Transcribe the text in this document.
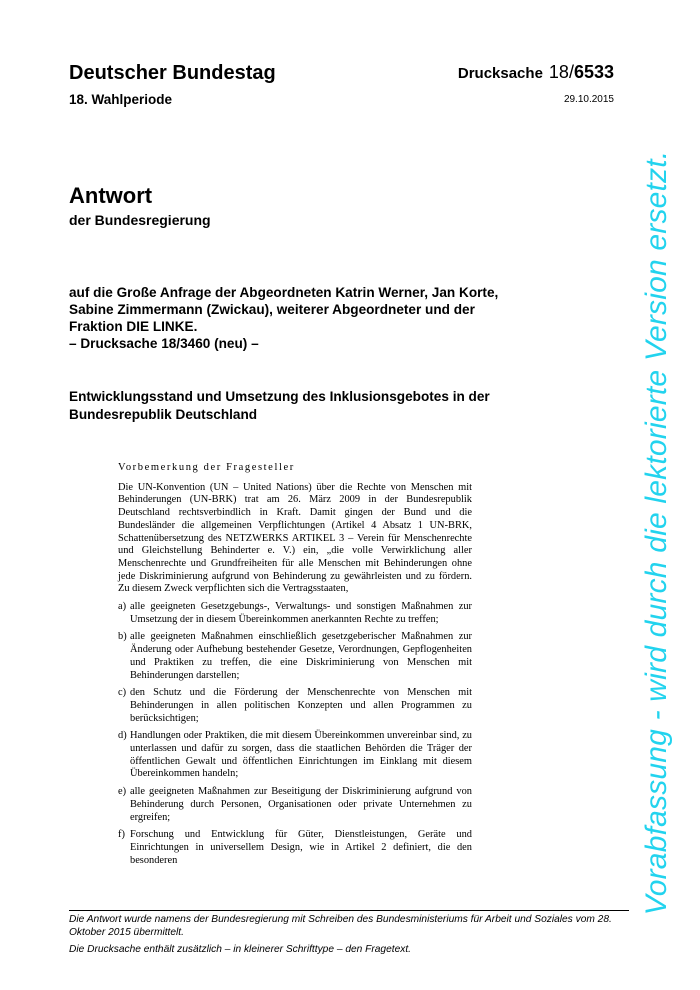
Deutscher Bundestag
18. Wahlperiode
Drucksache 18/6533
29.10.2015
Antwort
der Bundesregierung
auf die Große Anfrage der Abgeordneten Katrin Werner, Jan Korte,
Sabine Zimmermann (Zwickau), weiterer Abgeordneter und der
Fraktion DIE LINKE.
– Drucksache 18/3460 (neu) –
Entwicklungsstand und Umsetzung des Inklusionsgebotes in der
Bundesrepublik Deutschland

Vorbemerkung der Fragesteller

Die UN-Konvention (UN – United Nations) über die Rechte von Menschen mit Behinderungen (UN-BRK) trat am 26. März 2009 in der Bundesrepublik Deutschland rechtsverbindlich in Kraft. Damit gingen der Bund und die Bundesländer die allgemeinen Verpflichtungen (Artikel 4 Absatz 1 UN-BRK, Schattenübersetzung des NETZWERKS ARTIKEL 3 – Verein für Menschenrechte und Gleichstellung Behinderter e. V.) ein, „die volle Verwirklichung aller Menschenrechte und Grundfreiheiten für alle Menschen mit Behinderungen ohne jede Diskriminierung aufgrund von Behinderung zu gewährleisten und zu fördern. Zu diesem Zweck verpflichten sich die Vertragsstaaten,

a) alle geeigneten Gesetzgebungs-, Verwaltungs- und sonstigen Maßnahmen zur Umsetzung der in diesem Übereinkommen anerkannten Rechte zu treffen;
b) alle geeigneten Maßnahmen einschließlich gesetzgeberischer Maßnahmen zur Änderung oder Aufhebung bestehender Gesetze, Verordnungen, Gepflogenheiten und Praktiken zu treffen, die eine Diskriminierung von Menschen mit Behinderungen darstellen;
c) den Schutz und die Förderung der Menschenrechte von Menschen mit Behinderungen in allen politischen Konzepten und allen Programmen zu berücksichtigen;
d) Handlungen oder Praktiken, die mit diesem Übereinkommen unvereinbar sind, zu unterlassen und dafür zu sorgen, dass die staatlichen Behörden die Träger der öffentlichen Gewalt und öffentlichen Einrichtungen im Einklang mit diesem Übereinkommen handeln;
e) alle geeigneten Maßnahmen zur Beseitigung der Diskriminierung aufgrund von Behinderung durch Personen, Organisationen oder private Unternehmen zu ergreifen;
f) Forschung und Entwicklung für Güter, Dienstleistungen, Geräte und Einrichtungen in universellem Design, wie in Artikel 2 definiert, die den besonderen

Die Antwort wurde namens der Bundesregierung mit Schreiben des Bundesministeriums für Arbeit und Soziales vom 28. Oktober 2015 übermittelt.

Die Drucksache enthält zusätzlich – in kleinerer Schrifttype – den Fragetext.

Vorabfassung - wird durch die lektorierte Version ersetzt.
